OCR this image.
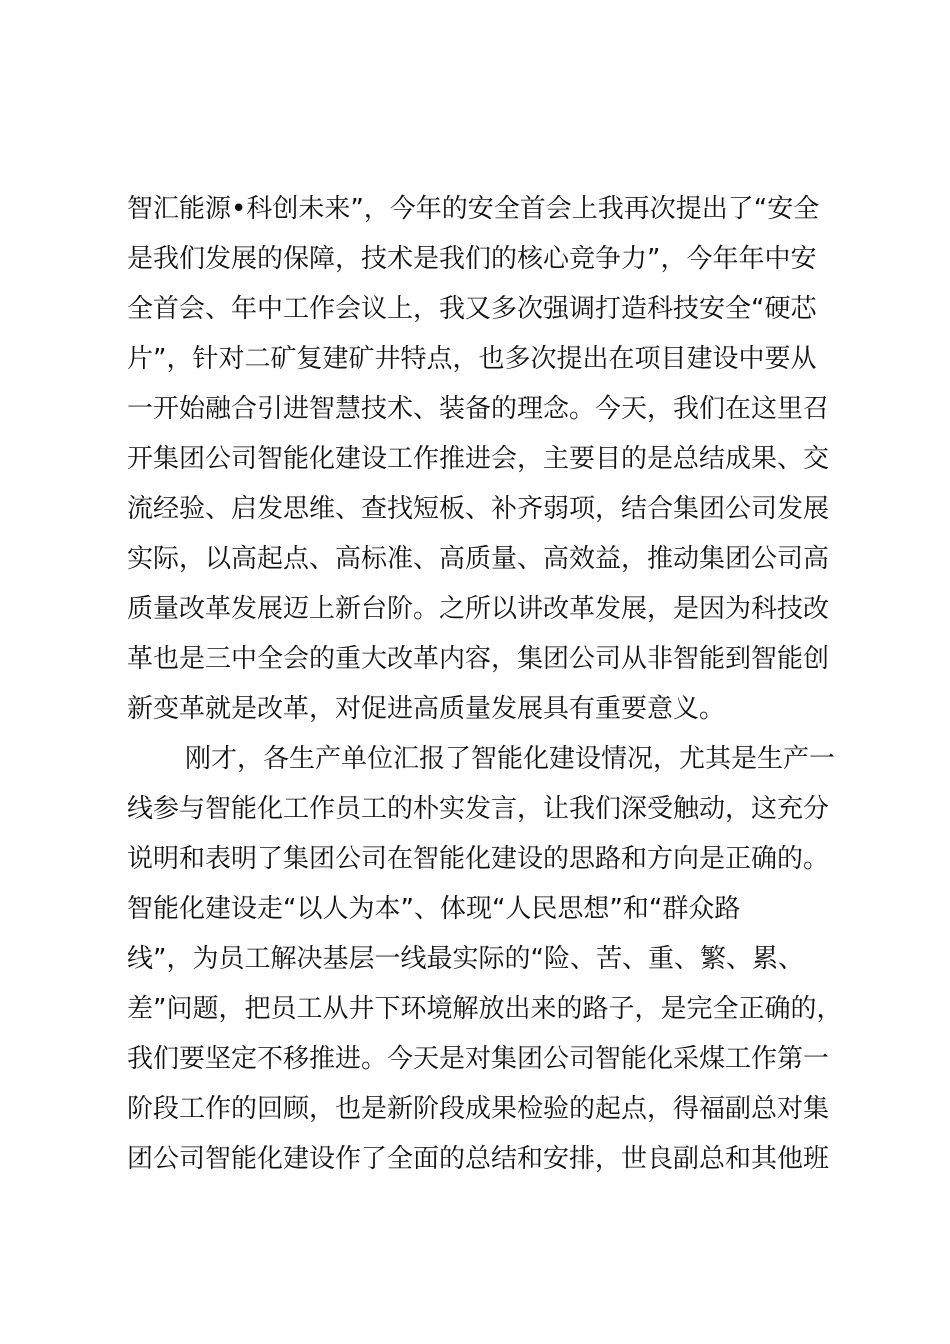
智汇能源•科创未来”，今年的安全首会上我再次提出了“安全
是我们发展的保障，技术是我们的核心竞争力”，今年年中安
全首会、年中工作会议上，我又多次强调打造科技安全“硬芯
片”，针对二矿复建矿井特点，也多次提出在项目建设中要从
一开始融合引进智慧技术、装备的理念。今天，我们在这里召
开集团公司智能化建设工作推进会，主要目的是总结成果、交
流经验、启发思维、查找短板、补齐弱项，结合集团公司发展
实际，以高起点、高标准、高质量、高效益，推动集团公司高
质量改革发展迈上新台阶。之所以讲改革发展，是因为科技改
革也是三中全会的重大改革内容，集团公司从非智能到智能创
新变革就是改革，对促进高质量发展具有重要意义。
刚才，各生产单位汇报了智能化建设情况，尤其是生产一
线参与智能化工作员工的朴实发言，让我们深受触动，这充分
说明和表明了集团公司在智能化建设的思路和方向是正确的。
智能化建设走“以人为本”、体现“人民思想”和“群众路
线”，为员工解决基层一线最实际的“险、苦、重、繁、累、
差”问题，把员工从井下环境解放出来的路子，是完全正确的，
我们要坚定不移推进。今天是对集团公司智能化采煤工作第一
阶段工作的回顾，也是新阶段成果检验的起点，得福副总对集
团公司智能化建设作了全面的总结和安排，世良副总和其他班
